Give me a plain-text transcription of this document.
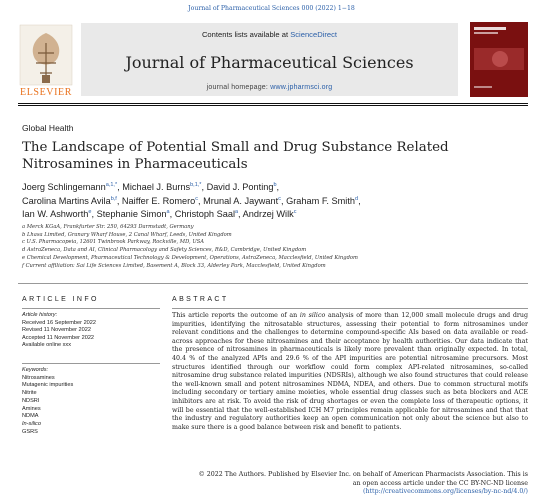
Journal of Pharmaceutical Sciences 000 (2022) 1−18
ELSEVIER
Contents lists available at ScienceDirect
Journal of Pharmaceutical Sciences
journal homepage: www.jpharmsci.org
Global Health
The Landscape of Potential Small and Drug Substance Related
Nitrosamines in Pharmaceuticals
Joerg Schlingemann$^{a,1,*}$, Michael J. Burns$^{b,1,*}$, David J. Ponting$^b$,
Carolina Martins Avila$^{b,f}$, Naiffer E. Romero$^c$, Mrunal A. Jaywant$^c$, Graham F. Smith$^d$,
Ian W. Ashworth$^e$, Stephanie Simon$^a$, Christoph Saal$^a$, Andrzej Wilk$^c$
a Merck KGaA, Frankfurter Str. 250, 64293 Darmstadt, Germany
b Lhasa Limited, Granary Wharf House, 2 Canal Wharf, Leeds, United Kingdom
c U.S. Pharmacopeia, 12601 Twinbrook Parkway, Rockville, MD, USA
d AstraZeneca, Data and AI, Clinical Pharmacology and Safety Sciences, R&D, Cambridge, United Kingdom
e Chemical Development, Pharmaceutical Technology & Development, Operations, AstraZeneca, Macclesfield, United Kingdom
f Current affiliation: Sai Life Sciences Limited, Basement A, Block 33, Alderley Park, Macclesfield, United Kingdom
ARTICLE INFO
Article history:
Received 16 September 2022
Revised 11 November 2022
Accepted 11 November 2022
Available online xxx
Keywords:
Nitrosamines
Mutagenic impurities
Nitrite
NDSRI
Amines
NDMA
In-silico
GSRS
ABSTRACT
This article reports the outcome of an in silico analysis of more than 12,000 small molecule drugs and drug impurities, identifying the nitrosatable structures, assessing their potential to form nitrosamines under relevant conditions and the challenges to determine compound-specific AIs based on data available or read-across approaches for these nitrosamines and their acceptance by health authorities. Our data indicate that the presence of nitrosamines in pharmaceuticals is likely more prevalent than originally expected. In total, 40.4 % of the analyzed APIs and 29.6 % of the API impurities are potential nitrosamine precursors. Most structures identified through our workflow could form complex API-related nitrosamines, so-called nitrosamine drug substance related impurities (NDSRIs), although we also found structures that could release the well-known small and potent nitrosamines NDMA, NDEA, and others. Due to common structural motifs including secondary or tertiary amine moieties, whole essential drug classes such as beta blockers and ACE inhibitors are at risk. To avoid the risk of drug shortages or even the complete loss of therapeutic options, it will be essential that the well-established ICH M7 principles remain applicable for nitrosamines and that that the industry and regulatory authorities keep an open communication not only about the science but also to make sure there is a good balance between risk and benefit to patients.
© 2022 The Authors. Published by Elsevier Inc. on behalf of American Pharmacists Association. This is
an open access article under the CC BY-NC-ND license
(http://creativecommons.org/licenses/by-nc-nd/4.0/)
